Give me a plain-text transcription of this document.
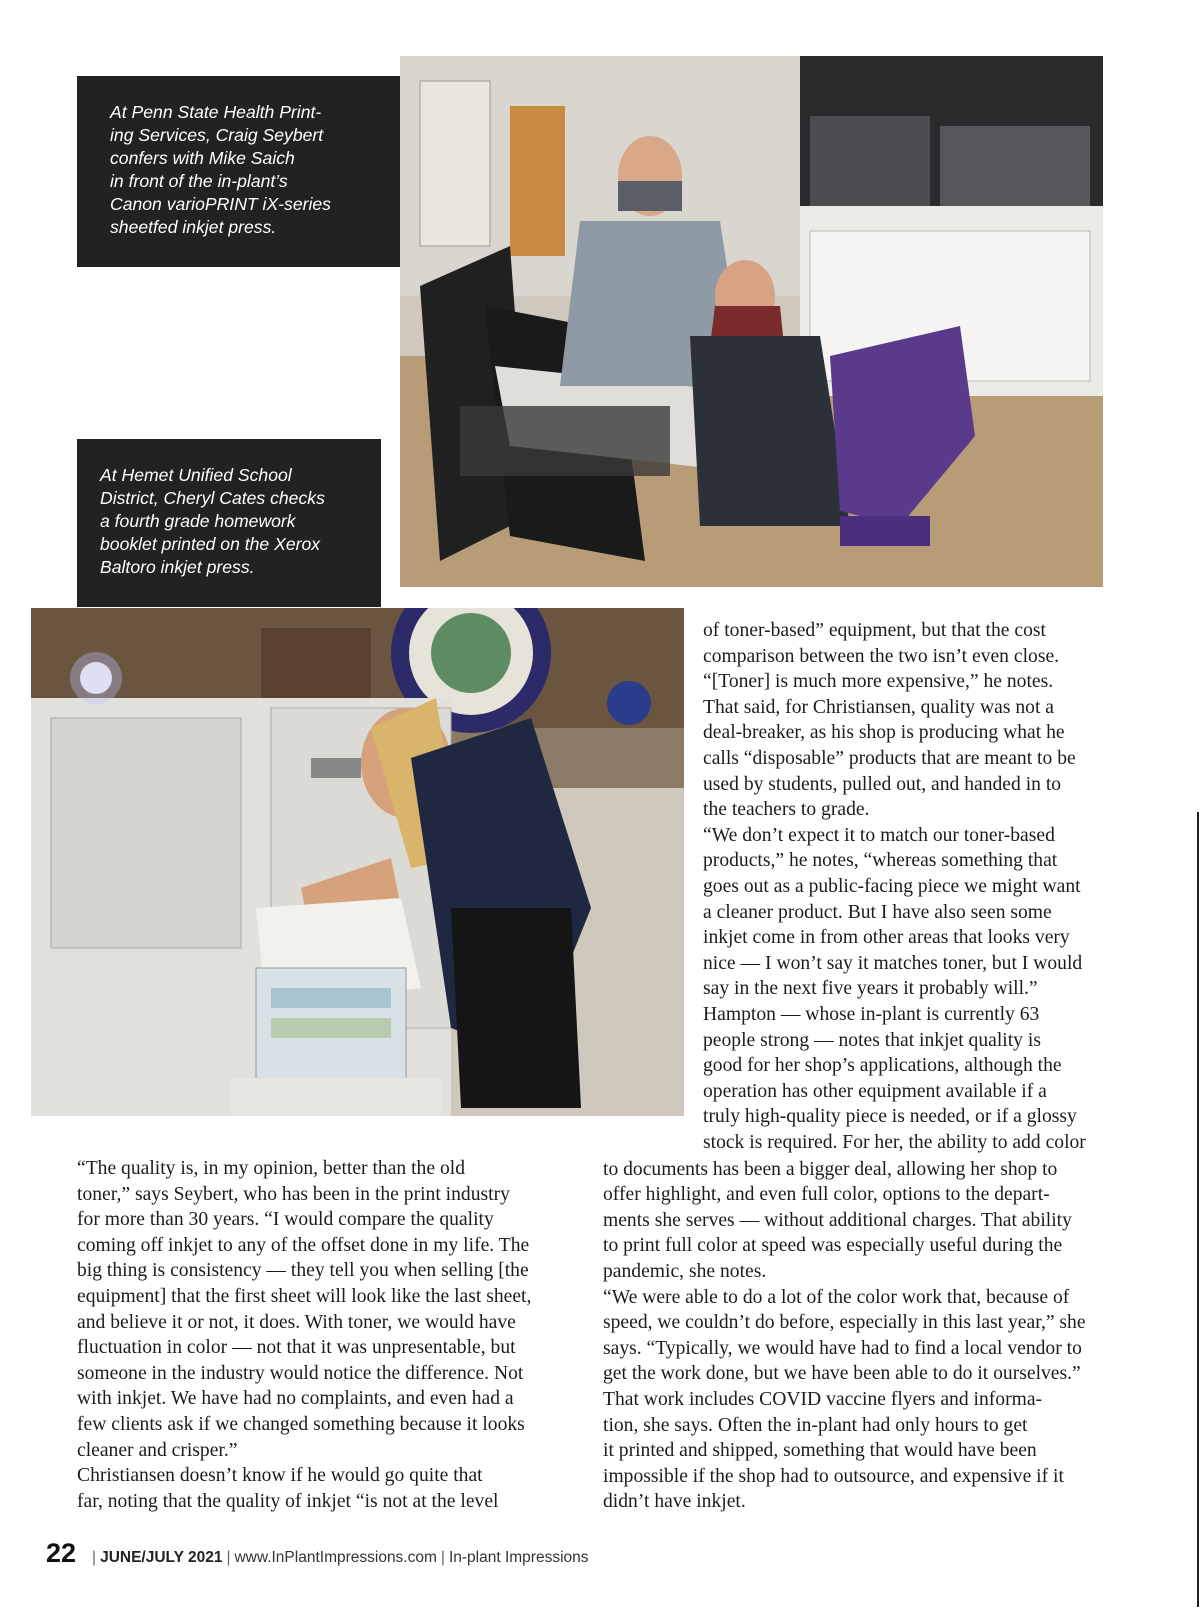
At Penn State Health Print-

ing Services, Craig Seybert

confers with Mike Saich

in front of the in-plant’s

Canon varioPRINT iX-series

sheetfed inkjet press.

At Hemet Unified School

District, Cheryl Cates checks

a fourth grade homework

booklet printed on the Xerox

Baltoro inkjet press.

of toner-based” equipment, but that the cost
comparison between the two isn’t even close.
“[Toner] is much more expensive,” he notes.
That said, for Christiansen, quality was not a
deal-breaker, as his shop is producing what he
calls “disposable” products that are meant to be
used by students, pulled out, and handed in to
the teachers to grade.
“We don’t expect it to match our toner-based
products,” he notes, “whereas something that
goes out as a public-facing piece we might want
a cleaner product. But I have also seen some
inkjet come in from other areas that looks very
nice — I won’t say it matches toner, but I would
say in the next five years it probably will.”
Hampton — whose in-plant is currently 63
people strong — notes that inkjet quality is
good for her shop’s applications, although the
operation has other equipment available if a
truly high-quality piece is needed, or if a glossy
stock is required. For her, the ability to add color
“The quality is, in my opinion, better than the old
toner,” says Seybert, who has been in the print industry
for more than 30 years. “I would compare the quality
coming off inkjet to any of the offset done in my life. The
big thing is consistency — they tell you when selling [the
equipment] that the first sheet will look like the last sheet,
and believe it or not, it does. With toner, we would have
fluctuation in color — not that it was unpresentable, but
someone in the industry would notice the difference. Not
with inkjet. We have had no complaints, and even had a
few clients ask if we changed something because it looks
cleaner and crisper.”
Christiansen doesn’t know if he would go quite that
far, noting that the quality of inkjet “is not at the level
to documents has been a bigger deal, allowing her shop to
offer highlight, and even full color, options to the depart-
ments she serves — without additional charges. That ability
to print full color at speed was especially useful during the
pandemic, she notes.
“We were able to do a lot of the color work that, because of
speed, we couldn’t do before, especially in this last year,” she
says. “Typically, we would have had to find a local vendor to
get the work done, but we have been able to do it ourselves.”
That work includes COVID vaccine flyers and informa-
tion, she says. Often the in-plant had only hours to get
it printed and shipped, something that would have been
impossible if the shop had to outsource, and expensive if it
didn’t have inkjet.
22 | JUNE/JULY 2021 | www.InPlantImpressions.com | In-plant Impressions
